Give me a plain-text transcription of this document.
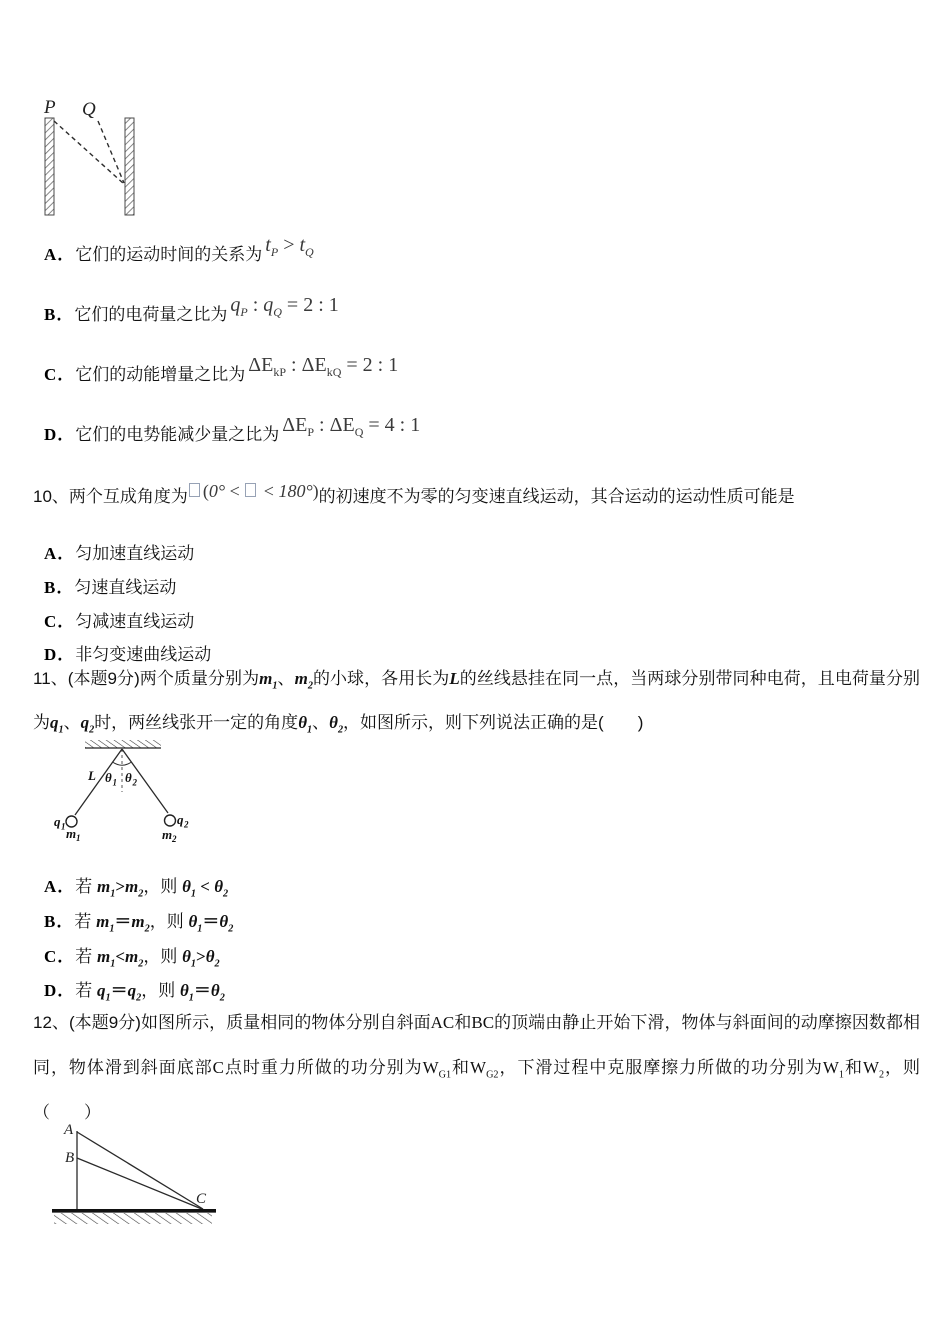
P Q
A．它们的运动时间的关系为 $t_P > t_Q$
B．它们的电荷量之比为 $q_P$ : $q_Q = 2$ : 1
C．它们的动能增量之比为 $\Delta E_{kP}$ : $\Delta E_{kQ} = 2$ : 1
D．它们的电势能减少量之比为 $\Delta E_P$ : $\Delta E_Q = 4$ : 1
10、两个互成角度为 (0° <  < 180°)的初速度不为零的匀变速直线运动，其合运动的运动性质可能是
A．匀加速直线运动
B．匀速直线运动
C．匀减速直线运动
D．非匀变速曲线运动
11、(本题9分)两个质量分别为$m_1$、$m_2$的小球，各用长为L的丝线悬挂在同一点，当两球分别带同种电荷，且电荷量分别为$q_1$、$q_2$时，两丝线张开一定的角度$\theta_1$、$\theta_2$，如图所示，则下列说法正确的是(　　)
L θ 1 θ 2
q 1 m 1
q 2
m 2
A．若 $m_1>m_2$，则 $\theta_1 < \theta_2$
B．若 $m_1=m_2$，则 $\theta_1=\theta_2$
C．若 $m_1<m_2$，则 $\theta_1>\theta_2$
D．若 $q_1=q_2$，则 $\theta_1=\theta_2$
12、(本题9分)如图所示，质量相同的物体分别自斜面AC和BC的顶端由静止开始下滑，物体与斜面间的动摩擦因数都相同，物体滑到斜面底部C点时重力所做的功分别为$W_{G1}$和$W_{G2}$，下滑过程中克服摩擦力所做的功分别为$W_1$和$W_2$，则（　　）
A
B
C
